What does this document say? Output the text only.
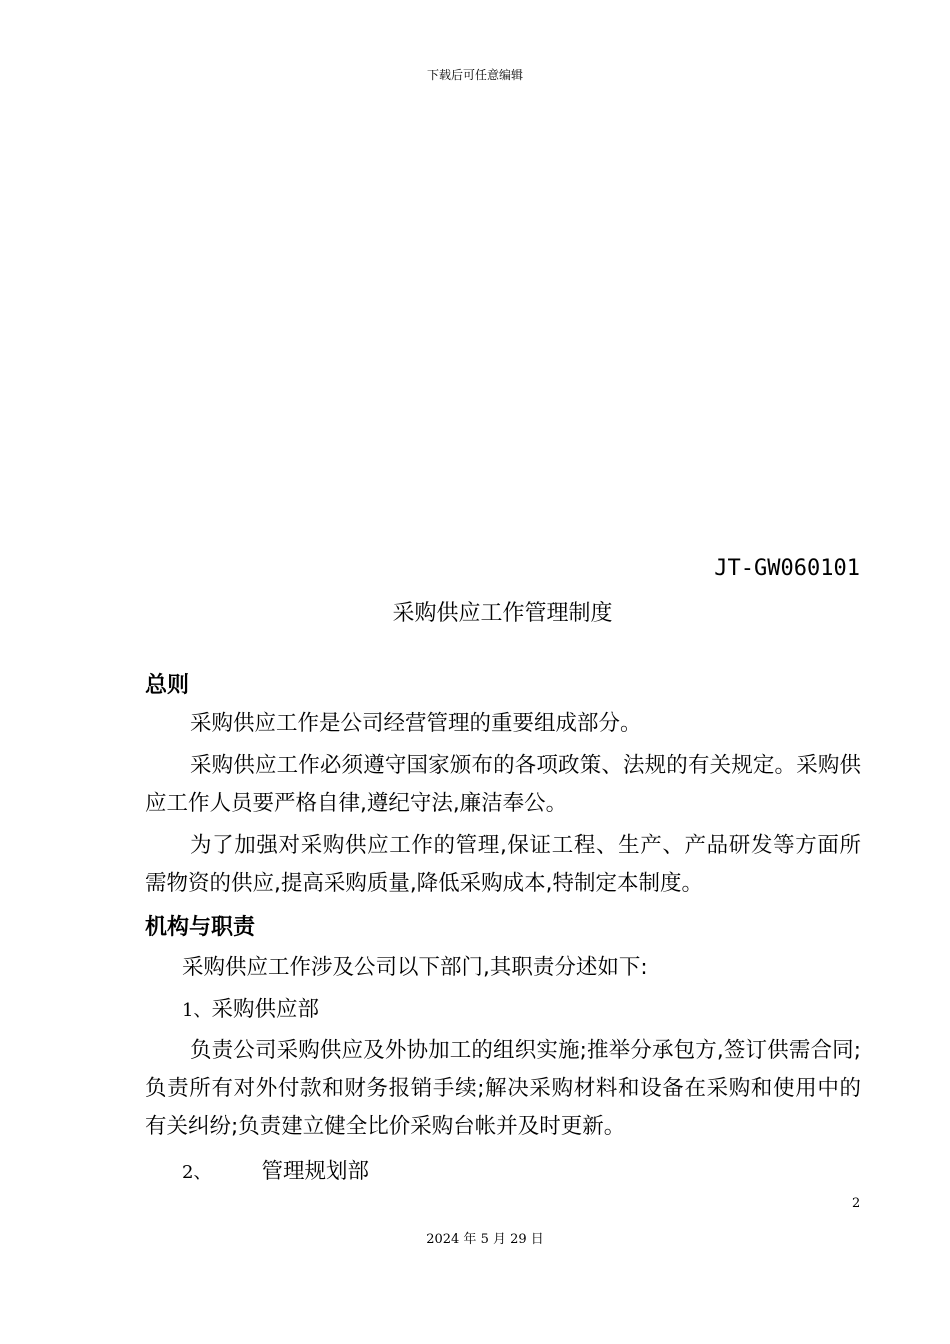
下载后可任意编辑
JT-GW060101
采购供应工作管理制度
总则
采购供应工作是公司经营管理的重要组成部分。
采购供应工作必须遵守国家颁布的各项政策、法规的有关规定。采购供应工作人员要严格自律,遵纪守法,廉洁奉公。
为了加强对采购供应工作的管理,保证工程、生产、产品研发等方面所需物资的供应,提高采购质量,降低采购成本,特制定本制度。
机构与职责
采购供应工作涉及公司以下部门,其职责分述如下:
1、采购供应部
负责公司采购供应及外协加工的组织实施;推举分承包方,签订供需合同;负责所有对外付款和财务报销手续;解决采购材料和设备在采购和使用中的有关纠纷;负责建立健全比价采购台帐并及时更新。
2、 管理规划部
2
2024 年 5 月 29 日
